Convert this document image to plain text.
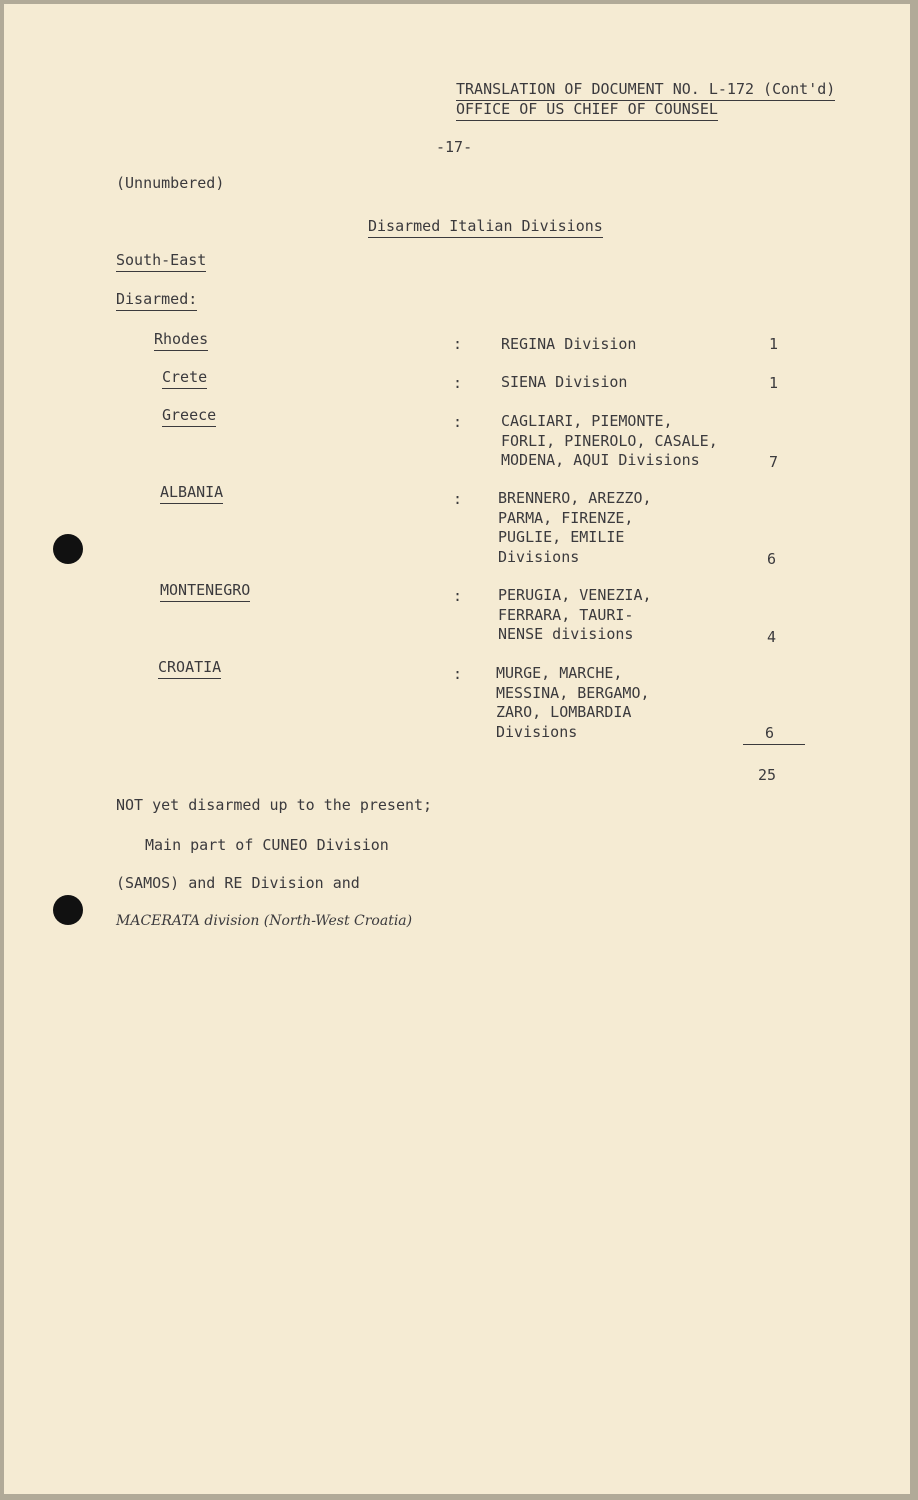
TRANSLATION OF DOCUMENT NO. L-172 (Cont'd)
OFFICE OF US CHIEF OF COUNSEL
-17-
(Unnumbered)
Disarmed Italian Divisions
South-East
Disarmed:
Rhodes	:	REGINA Division	1
Crete	:	SIENA Division	1
Greece	:	CAGLIARI, PIEMONTE,
FORLI, PINEROLO, CASALE,
MODENA, AQUI Divisions	7
ALBANIA	: BRENNERO, AREZZO,
PARMA, FIRENZE,
PUGLIE, EMILIE
Divisions	6
MONTENEGRO	: PERUGIA, VENEZIA,
FERRARA, TAURI-
NENSE divisions	4
CROATIA	: MURGE, MARCHE,
MESSINA, BERGAMO,
ZARO, LOMBARDIA
Divisions	6
25
NOT yet disarmed up to the present;
Main part of CUNEO Division
(SAMOS) and RE Division and
MACERATA division (North-West Croatia)
